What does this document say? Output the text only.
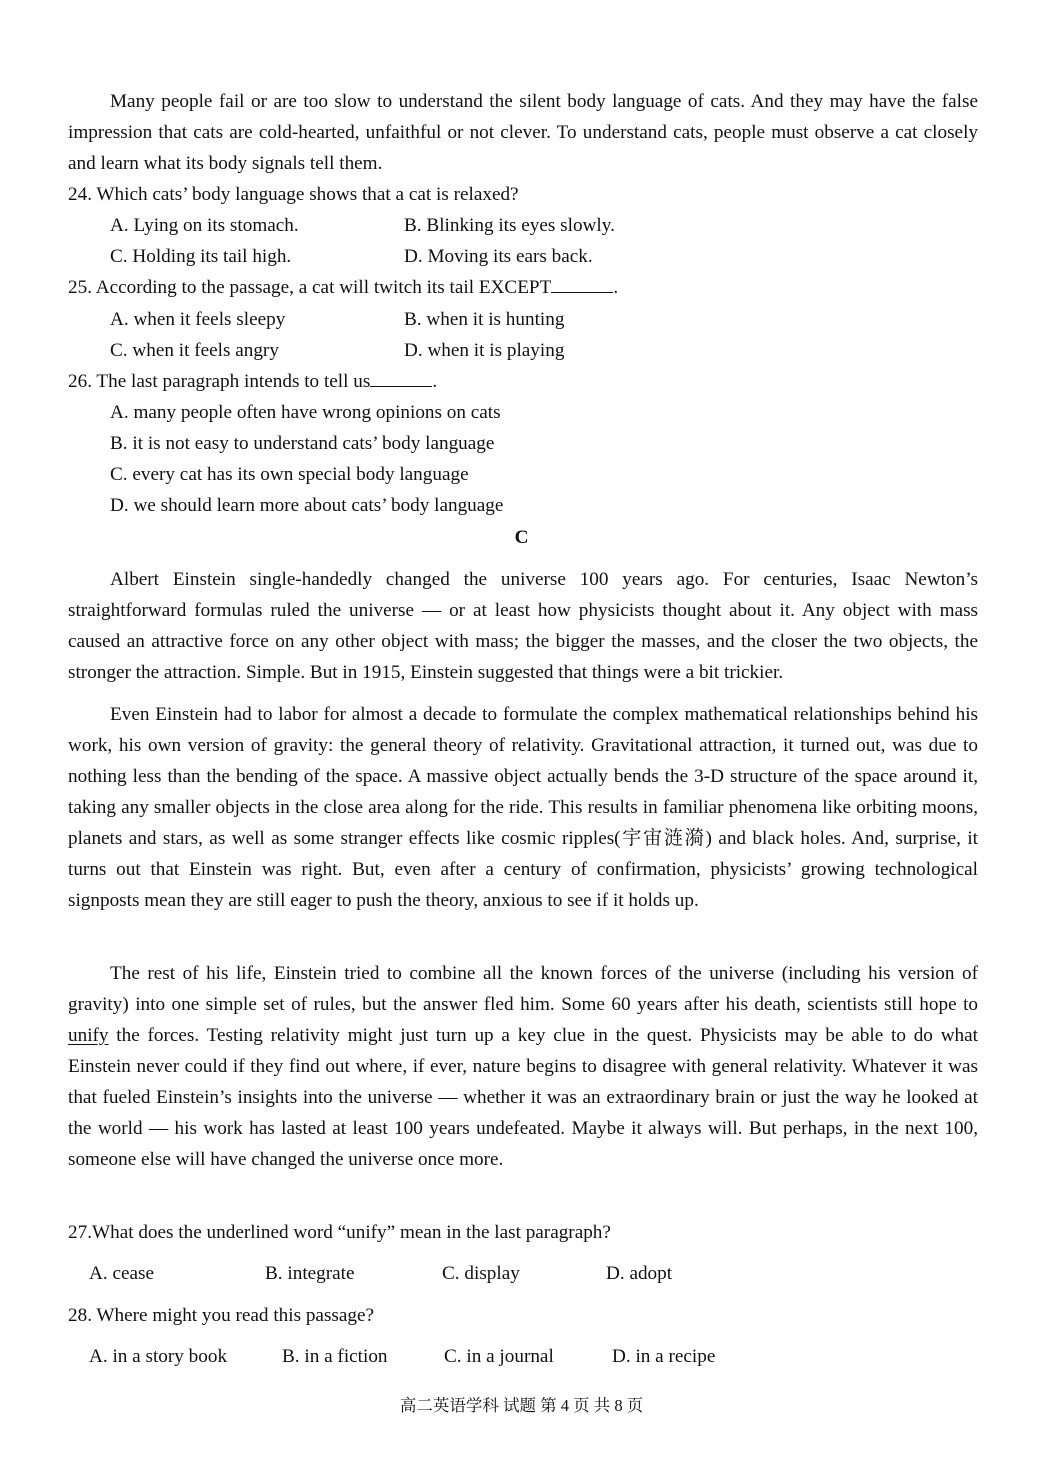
Many people fail or are too slow to understand the silent body language of cats. And they may have the false impression that cats are cold-hearted, unfaithful or not clever. To understand cats, people must observe a cat closely and learn what its body signals tell them.

24. Which cats’ body language shows that a cat is relaxed?

A. Lying on its stomach.	B. Blinking its eyes slowly.

C. Holding its tail high.	D. Moving its ears back.

25. According to the passage, a cat will twitch its tail EXCEPT	.

A. when it feels sleepy	B. when it is hunting

C. when it feels angry	D. when it is playing

26. The last paragraph intends to tell us	.

A. many people often have wrong opinions on cats

B. it is not easy to understand cats’ body language

C. every cat has its own special body language

D. we should learn more about cats’ body language

C

Albert Einstein single-handedly changed the universe 100 years ago. For centuries, Isaac Newton’s straightforward formulas ruled the universe — or at least how physicists thought about it. Any object with mass caused an attractive force on any other object with mass; the bigger the masses, and the closer the two objects, the stronger the attraction. Simple. But in 1915, Einstein suggested that things were a bit trickier.

Even Einstein had to labor for almost a decade to formulate the complex mathematical relationships behind his work, his own version of gravity: the general theory of relativity. Gravitational attraction, it turned out, was due to nothing less than the bending of the space. A massive object actually bends the 3-D structure of the space around it, taking any smaller objects in the close area along for the ride. This results in familiar phenomena like orbiting moons, planets and stars, as well as some stranger effects like cosmic ripples(宇宙涟漪) and black holes. And, surprise, it turns out that Einstein was right. But, even after a century of confirmation, physicists’ growing technological signposts mean they are still eager to push the theory, anxious to see if it holds up.

The rest of his life, Einstein tried to combine all the known forces of the universe (including his version of gravity) into one simple set of rules, but the answer fled him. Some 60 years after his death, scientists still hope to unify the forces. Testing relativity might just turn up a key clue in the quest. Physicists may be able to do what Einstein never could if they find out where, if ever, nature begins to disagree with general relativity. Whatever it was that fueled Einstein’s insights into the universe — whether it was an extraordinary brain or just the way he looked at the world — his work has lasted at least 100 years undefeated. Maybe it always will. But perhaps, in the next 100, someone else will have changed the universe once more.

27.What does the underlined word “unify” mean in the last paragraph?

A. cease	B. integrate	C. display	D. adopt

28. Where might you read this passage?

A. in a story book	B. in a fiction	C. in a journal	D. in a recipe

高二英语学科 试题 第 4 页 共 8 页
